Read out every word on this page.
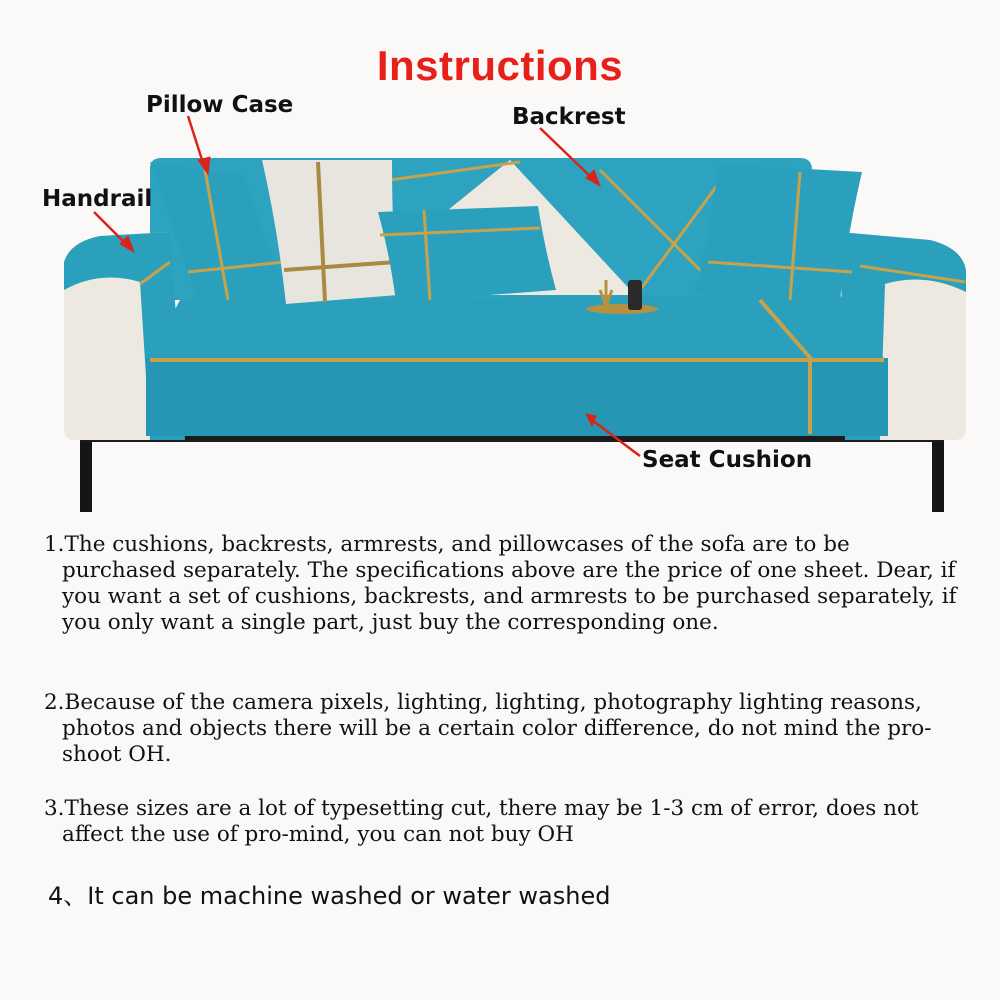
Instructions
Pillow Case	Backrest
Handrail
Seat Cushion
1.The cushions, backrests, armrests, and pillowcases of the sofa are to be
purchased separately. The specifications above are the price of one sheet. Dear, if you want a set of cushions, backrests, and armrests to be purchased separately, if you only want a single part, just buy the corresponding one.
2.Because of the camera pixels, lighting, lighting, photography lighting reasons,
photos and objects there will be a certain color difference, do not mind the pro-shoot OH.
3.These sizes are a lot of typesetting cut, there may be 1-3 cm of error, does not
affect the use of pro-mind, you can not buy OH
4、It can be machine washed or water washed
